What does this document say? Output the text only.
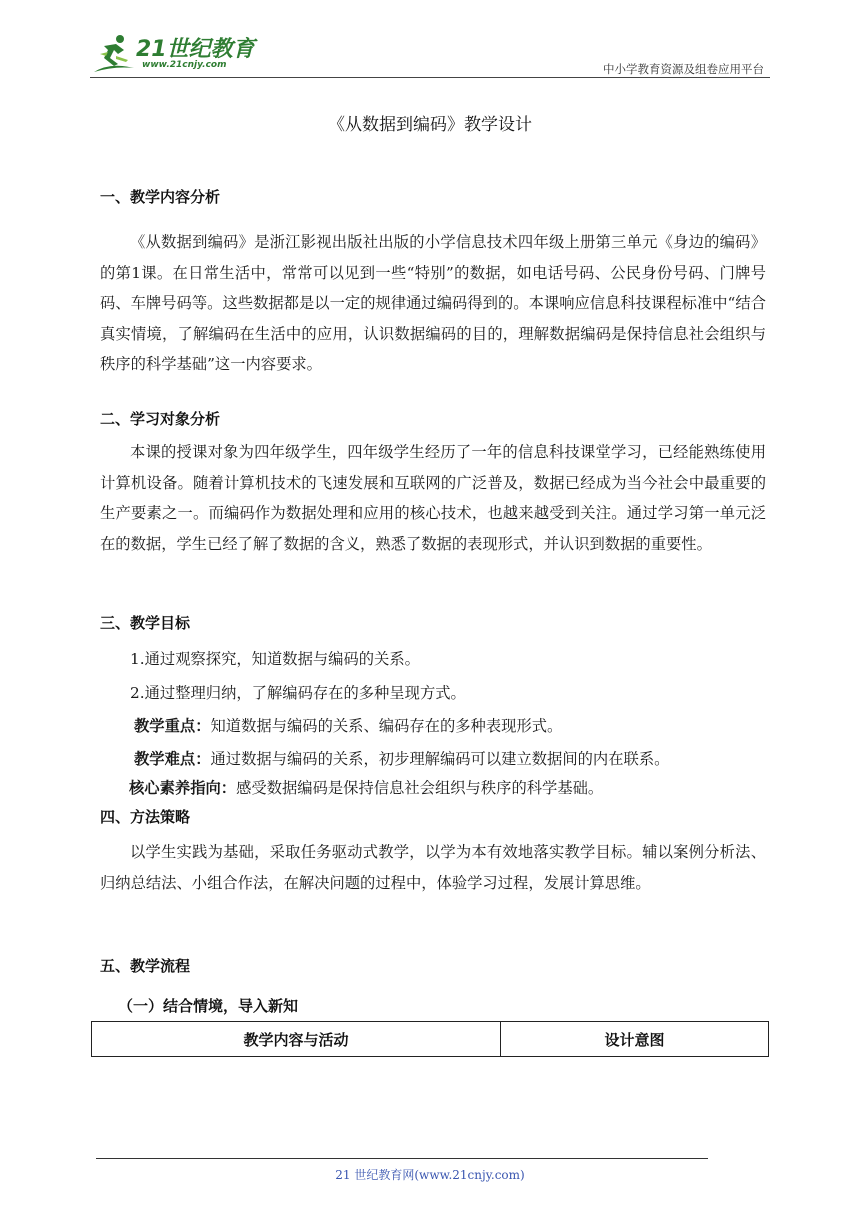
21世纪教育
www.21cnjy.com	中小学教育资源及组卷应用平台
《从数据到编码》教学设计
一、教学内容分析

《从数据到编码》是浙江影视出版社出版的小学信息技术四年级上册第三单元《身边的编码》的第1课。在日常生活中，常常可以见到一些“特别”的数据，如电话号码、公民身份号码、门牌号码、车牌号码等。这些数据都是以一定的规律通过编码得到的。本课响应信息科技课程标准中“结合真实情境，了解编码在生活中的应用，认识数据编码的目的，理解数据编码是保持信息社会组织与秩序的科学基础”这一内容要求。

二、学习对象分析

本课的授课对象为四年级学生，四年级学生经历了一年的信息科技课堂学习，已经能熟练使用计算机设备。随着计算机技术的飞速发展和互联网的广泛普及，数据已经成为当今社会中最重要的生产要素之一。而编码作为数据处理和应用的核心技术，也越来越受到关注。通过学习第一单元泛在的数据，学生已经了解了数据的含义，熟悉了数据的表现形式，并认识到数据的重要性。

三、教学目标
1.通过观察探究，知道数据与编码的关系。
2.通过整理归纳，了解编码存在的多种呈现方式。
教学重点：知道数据与编码的关系、编码存在的多种表现形式。
教学难点：通过数据与编码的关系，初步理解编码可以建立数据间的内在联系。
核心素养指向：感受数据编码是保持信息社会组织与秩序的科学基础。
四、方法策略

以学生实践为基础，采取任务驱动式教学，以学为本有效地落实教学目标。辅以案例分析法、归纳总结法、小组合作法，在解决问题的过程中，体验学习过程，发展计算思维。

五、教学流程
（一）结合情境，导入新知
教学内容与活动	设计意图
21 世纪教育网(www.21cnjy.com)
